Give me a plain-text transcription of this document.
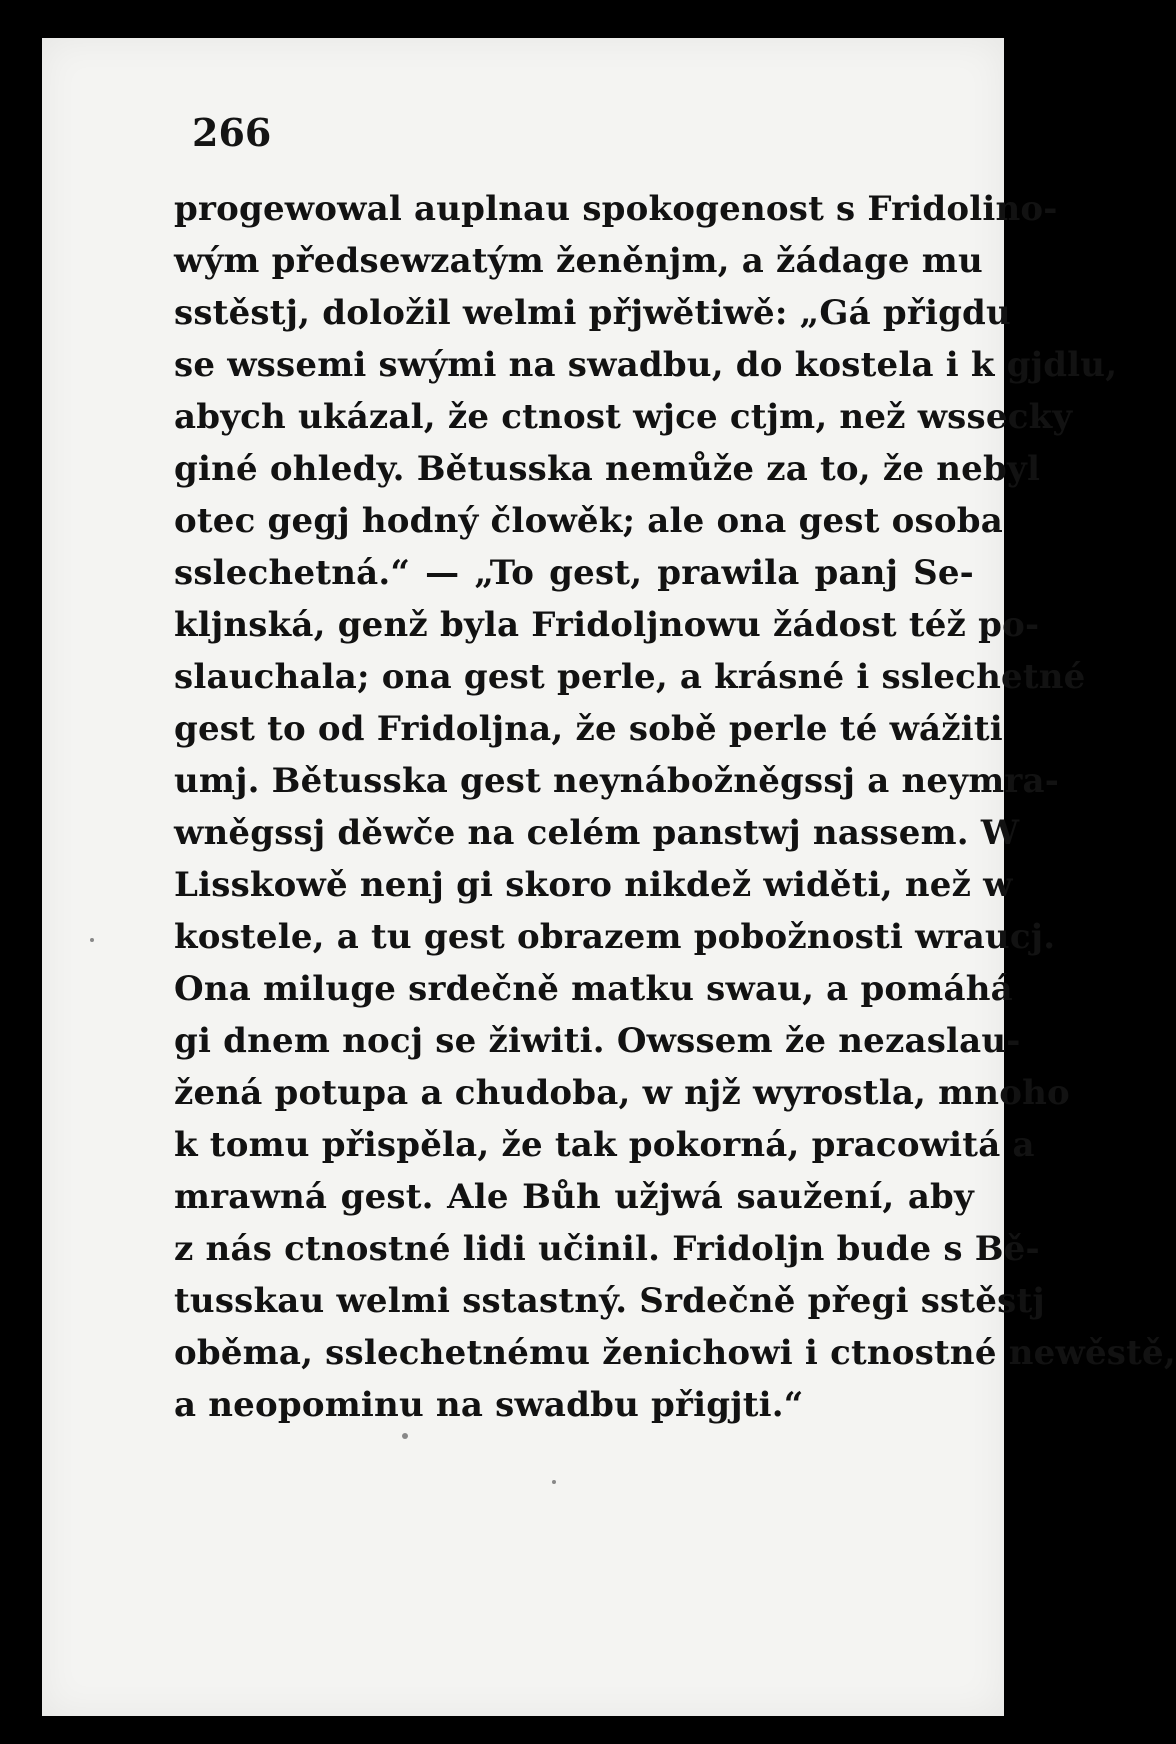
266
progewowal auplnau spokogenost s Fridolino-
wým předsewzatým ženěnjm, a žádage mu
sstěstj, doložil welmi přjwětiwě: „Gá přigdu
se wssemi swými na swadbu, do kostela i k gjdlu,
abych ukázal, že ctnost wjce ctjm, než wssecky
giné ohledy. Bětusska nemůže za to, že nebyl
otec gegj hodný člowěk; ale ona gest osoba
sslechetná.“ — „To gest, prawila panj Se-
kljnská, genž byla Fridoljnowu žádost též po-
slauchala; ona gest perle, a krásné i sslechetné
gest to od Fridoljna, že sobě perle té wážiti
umj. Bětusska gest neynábožněgssj a neymra-
wněgssj děwče na celém panstwj nassem. W
Lisskowě nenj gi skoro nikdež widěti, než w
kostele, a tu gest obrazem pobožnosti wraucj.
Ona miluge srdečně matku swau, a pomáhá
gi dnem nocj se žiwiti. Owssem že nezaslau-
žená potupa a chudoba, w njž wyrostla, mnoho
k tomu přispěla, že tak pokorná, pracowitá a
mrawná gest. Ale Bůh užjwá saužení, aby
z nás ctnostné lidi učinil. Fridoljn bude s Bě-
tusskau welmi sstastný. Srdečně přegi sstěstj
oběma, sslechetnému ženichowi i ctnostné newěstě,
a neopominu na swadbu přigjti.“
